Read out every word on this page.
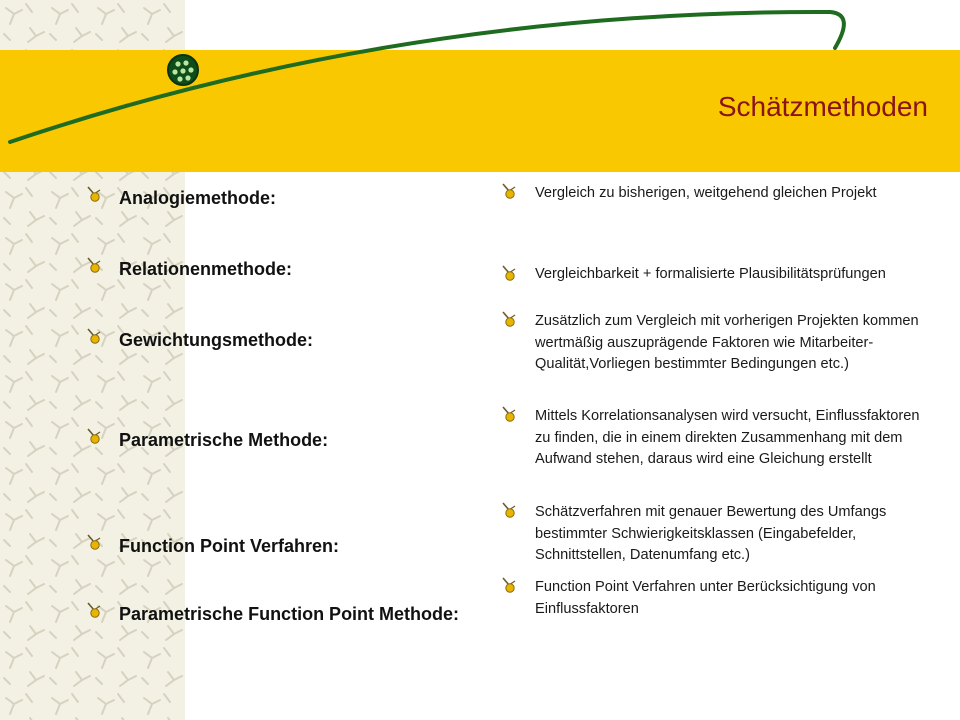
Schätzmethoden
Analogiemethode:
Relationenmethode:
Gewichtungsmethode:
Parametrische Methode:
Function Point Verfahren:
Parametrische Function Point Methode:
Vergleich zu bisherigen, weitgehend gleichen Projekt
Vergleichbarkeit + formalisierte Plausibilitätsprüfungen
Zusätzlich zum Vergleich mit vorherigen Projekten kommen wertmäßig auszuprägende Faktoren wie Mitarbeiter-Qualität,Vorliegen bestimmter Bedingungen etc.)
Mittels Korrelationsanalysen wird versucht, Einflussfaktoren zu finden, die in einem direkten Zusammenhang mit dem Aufwand stehen, daraus wird eine Gleichung erstellt
Schätzverfahren mit genauer Bewertung des Umfangs bestimmter Schwierigkeitsklassen (Eingabefelder, Schnittstellen, Datenumfang etc.)
Function Point Verfahren unter Berücksichtigung von Einflussfaktoren
